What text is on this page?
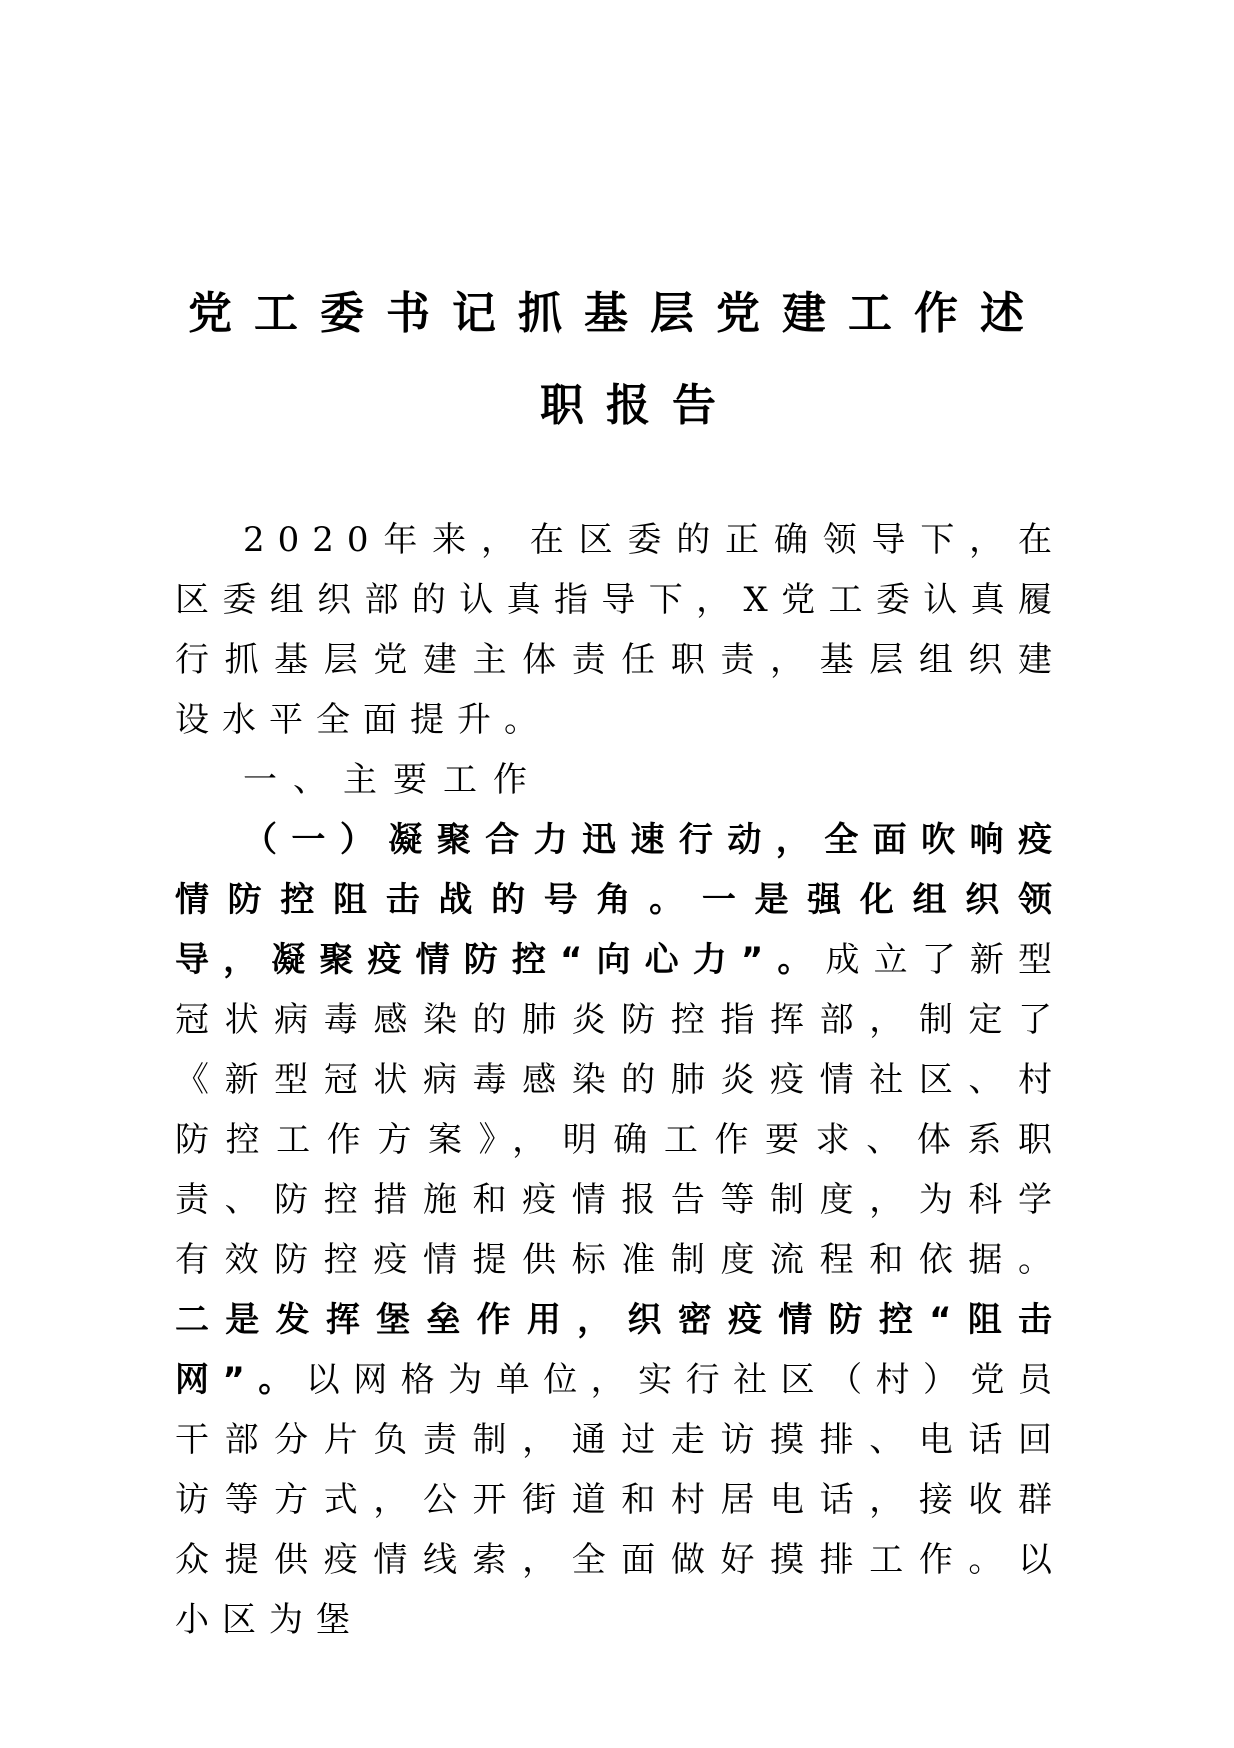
党工委书记抓基层党建工作述
职报告

2020年来，在区委的正确领导下，在区委组织部的认真指导下，X党工委认真履行抓基层党建主体责任职责，基层组织建设水平全面提升。

一、主要工作

（一）凝聚合力迅速行动，全面吹响疫情防控阻击战的号角。一是强化组织领导，凝聚疫情防控“向心力”。成立了新型冠状病毒感染的肺炎防控指挥部，制定了《新型冠状病毒感染的肺炎疫情社区、村防控工作方案》，明确工作要求、体系职责、防控措施和疫情报告等制度，为科学有效防控疫情提供标准制度流程和依据。二是发挥堡垒作用，织密疫情防控“阻击网”。以网格为单位，实行社区（村）党员干部分片负责制，通过走访摸排、电话回访等方式，公开街道和村居电话，接收群众提供疫情线索，全面做好摸排工作。以小区为堡
